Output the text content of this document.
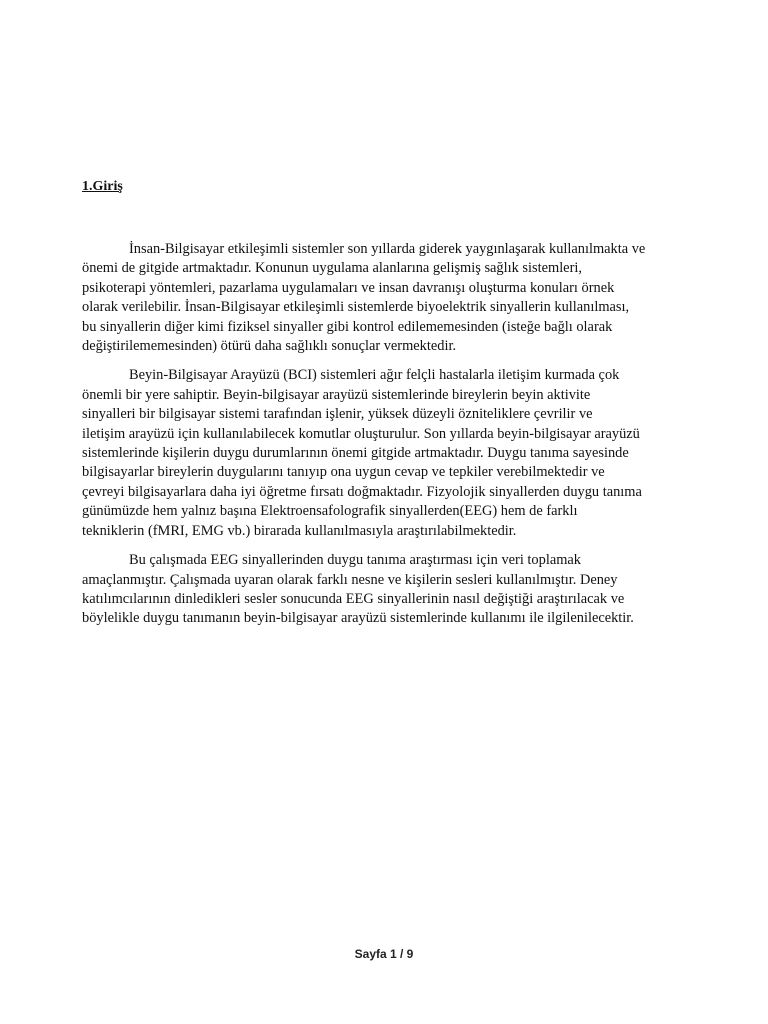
1.Giriş

İnsan-Bilgisayar etkileşimli sistemler son yıllarda giderek yaygınlaşarak kullanılmakta ve
önemi de gitgide artmaktadır. Konunun uygulama alanlarına gelişmiş sağlık sistemleri,
psikoterapi yöntemleri, pazarlama uygulamaları ve insan davranışı oluşturma konuları örnek
olarak verilebilir. İnsan-Bilgisayar etkileşimli sistemlerde biyoelektrik sinyallerin kullanılması,
bu sinyallerin diğer kimi fiziksel sinyaller gibi kontrol edilememesinden (isteğe bağlı olarak
değiştirilememesinden) ötürü daha sağlıklı sonuçlar vermektedir.

Beyin-Bilgisayar Arayüzü (BCI) sistemleri ağır felçli hastalarla iletişim kurmada çok
önemli bir yere sahiptir. Beyin-bilgisayar arayüzü sistemlerinde bireylerin beyin aktivite
sinyalleri bir bilgisayar sistemi tarafından işlenir, yüksek düzeyli özniteliklere çevrilir ve
iletişim arayüzü için kullanılabilecek komutlar oluşturulur. Son yıllarda beyin-bilgisayar arayüzü
sistemlerinde kişilerin duygu durumlarının önemi gitgide artmaktadır. Duygu tanıma sayesinde
bilgisayarlar bireylerin duygularını tanıyıp ona uygun cevap ve tepkiler verebilmektedir ve
çevreyi bilgisayarlara daha iyi öğretme fırsatı doğmaktadır. Fizyolojik sinyallerden duygu tanıma
günümüzde hem yalnız başına Elektroensafolografik sinyallerden(EEG) hem de farklı
tekniklerin (fMRI, EMG vb.) birarada kullanılmasıyla araştırılabilmektedir.

Bu çalışmada EEG sinyallerinden duygu tanıma araştırması için veri toplamak
amaçlanmıştır. Çalışmada uyaran olarak farklı nesne ve kişilerin sesleri kullanılmıştır. Deney
katılımcılarının dinledikleri sesler sonucunda EEG sinyallerinin nasıl değiştiği araştırılacak ve
böylelikle duygu tanımanın beyin-bilgisayar arayüzü sistemlerinde kullanımı ile ilgilenilecektir.

Sayfa 1 / 9
